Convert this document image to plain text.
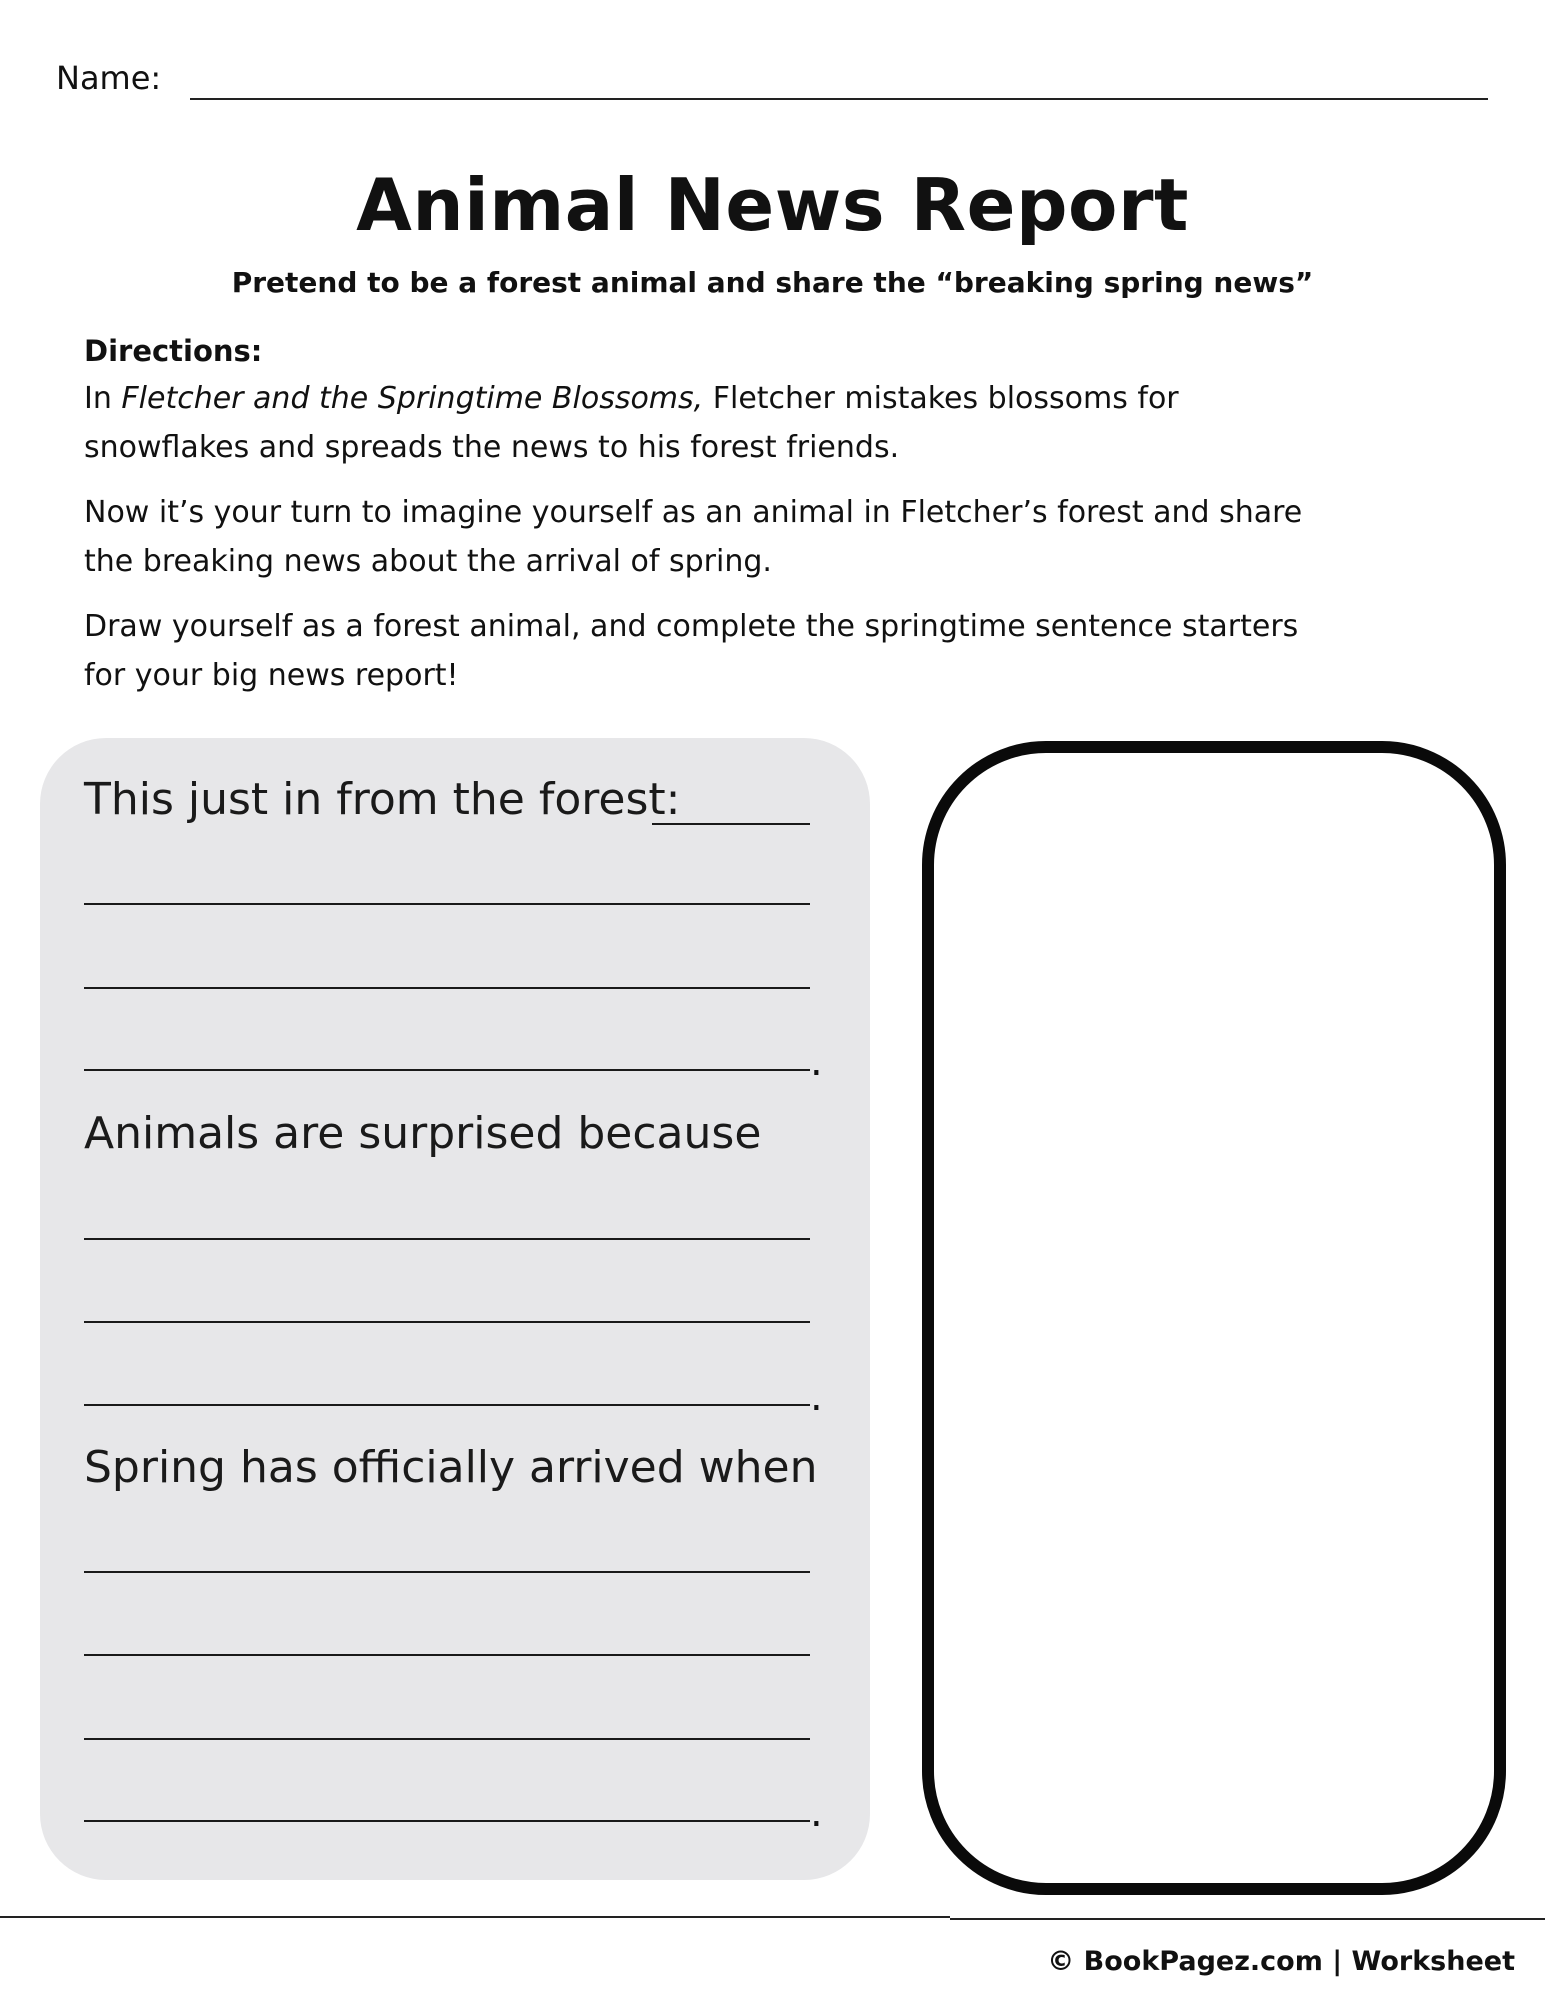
Name:
Animal News Report
Pretend to be a forest animal and share the “breaking spring news”
Directions:

In Fletcher and the Springtime Blossoms, Fletcher mistakes blossoms for
snowflakes and spreads the news to his forest friends.

Now it’s your turn to imagine yourself as an animal in Fletcher’s forest and share
the breaking news about the arrival of spring.

Draw yourself as a forest animal, and complete the springtime sentence starters
for your big news report!

This just in from the forest:
.
Animals are surprised because
.
Spring has officially arrived when
.
© BookPagez.com | Worksheet
